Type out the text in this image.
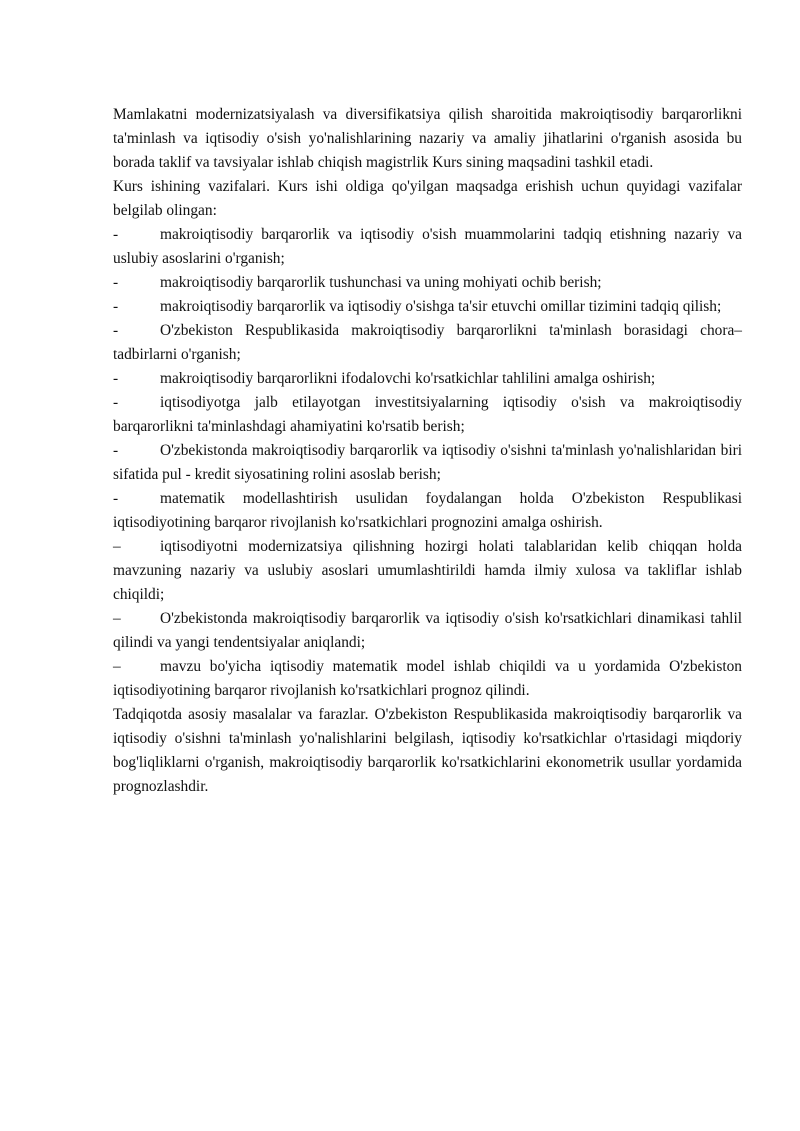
Mamlakatni modernizatsiyalash va diversifikatsiya qilish sharoitida makroiqtisodiy barqarorlikni ta'minlash va iqtisodiy o'sish yo'nalishlarining nazariy va amaliy jihatlarini o'rganish asosida bu borada taklif va tavsiyalar ishlab chiqish magistrlik Kurs sining maqsadini tashkil etadi.

Kurs ishining vazifalari. Kurs ishi oldiga qo'yilgan maqsadga erishish uchun quyidagi vazifalar belgilab olingan:

-	makroiqtisodiy barqarorlik va iqtisodiy o'sish muammolarini tadqiq etishning nazariy va uslubiy asoslarini o'rganish;

-	makroiqtisodiy barqarorlik tushunchasi va uning mohiyati ochib berish;

-	makroiqtisodiy barqarorlik va iqtisodiy o'sishga ta'sir etuvchi omillar tizimini tadqiq qilish;

-	O'zbekiston Respublikasida makroiqtisodiy barqarorlikni ta'minlash borasidagi chora–tadbirlarni o'rganish;

-	makroiqtisodiy barqarorlikni ifodalovchi ko'rsatkichlar tahlilini amalga oshirish;

-	iqtisodiyotga jalb etilayotgan investitsiyalarning iqtisodiy o'sish va makroiqtisodiy barqarorlikni ta'minlashdagi ahamiyatini ko'rsatib berish;

-	O'zbekistonda makroiqtisodiy barqarorlik va iqtisodiy o'sishni ta'minlash yo'nalishlaridan biri sifatida pul - kredit siyosatining rolini asoslab berish;

-	matematik modellashtirish usulidan foydalangan holda O'zbekiston Respublikasi iqtisodiyotining barqaror rivojlanish ko'rsatkichlari prognozini amalga oshirish.

–	iqtisodiyotni modernizatsiya qilishning hozirgi holati talablaridan kelib chiqqan holda mavzuning nazariy va uslubiy asoslari umumlashtirildi hamda ilmiy xulosa va takliflar ishlab chiqildi;

–	O'zbekistonda makroiqtisodiy barqarorlik va iqtisodiy o'sish ko'rsatkichlari dinamikasi tahlil qilindi va yangi tendentsiyalar aniqlandi;

–	mavzu bo'yicha iqtisodiy matematik model ishlab chiqildi va u yordamida O'zbekiston iqtisodiyotining barqaror rivojlanish ko'rsatkichlari prognoz qilindi.

Tadqiqotda asosiy masalalar va farazlar. O'zbekiston Respublikasida makroiqtisodiy barqarorlik va iqtisodiy o'sishni ta'minlash yo'nalishlarini belgilash, iqtisodiy ko'rsatkichlar o'rtasidagi miqdoriy bog'liqliklarni o'rganish, makroiqtisodiy barqarorlik ko'rsatkichlarini ekonometrik usullar yordamida prognozlashdir.
